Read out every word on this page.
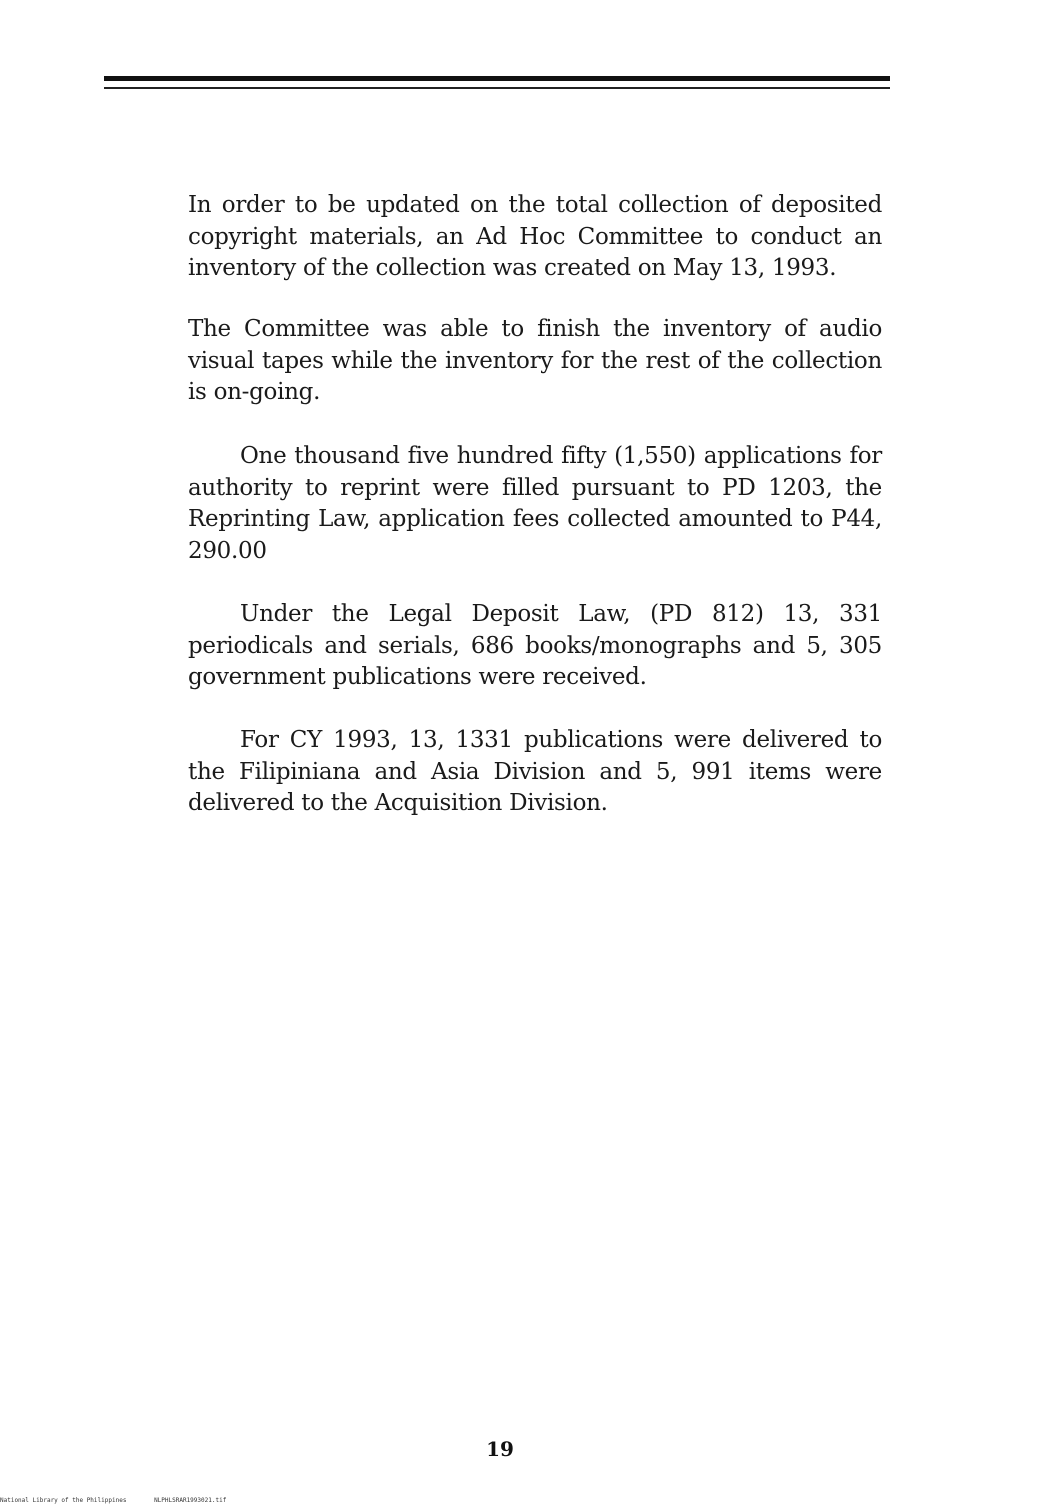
In order to be updated on the total collection of deposited copyright materials, an Ad Hoc Committee to conduct an inventory of the collection was created on May 13, 1993.

The Committee was able to finish the inventory of audio visual tapes while the inventory for the rest of the collection is on-going.

One thousand five hundred fifty (1,550) applications for authority to reprint were filled pursuant to PD 1203, the Reprinting Law, application fees collected amounted to P44, 290.00

Under the Legal Deposit Law, (PD 812) 13, 331 periodicals and serials, 686 books/monographs and 5, 305 government publications were received.

For CY 1993, 13, 1331 publications were delivered to the Filipiniana and Asia Division and 5, 991 items were delivered to the Acquisition Division.

19
National Library of the Philippines	NLPHLSRAR1993021.tif
